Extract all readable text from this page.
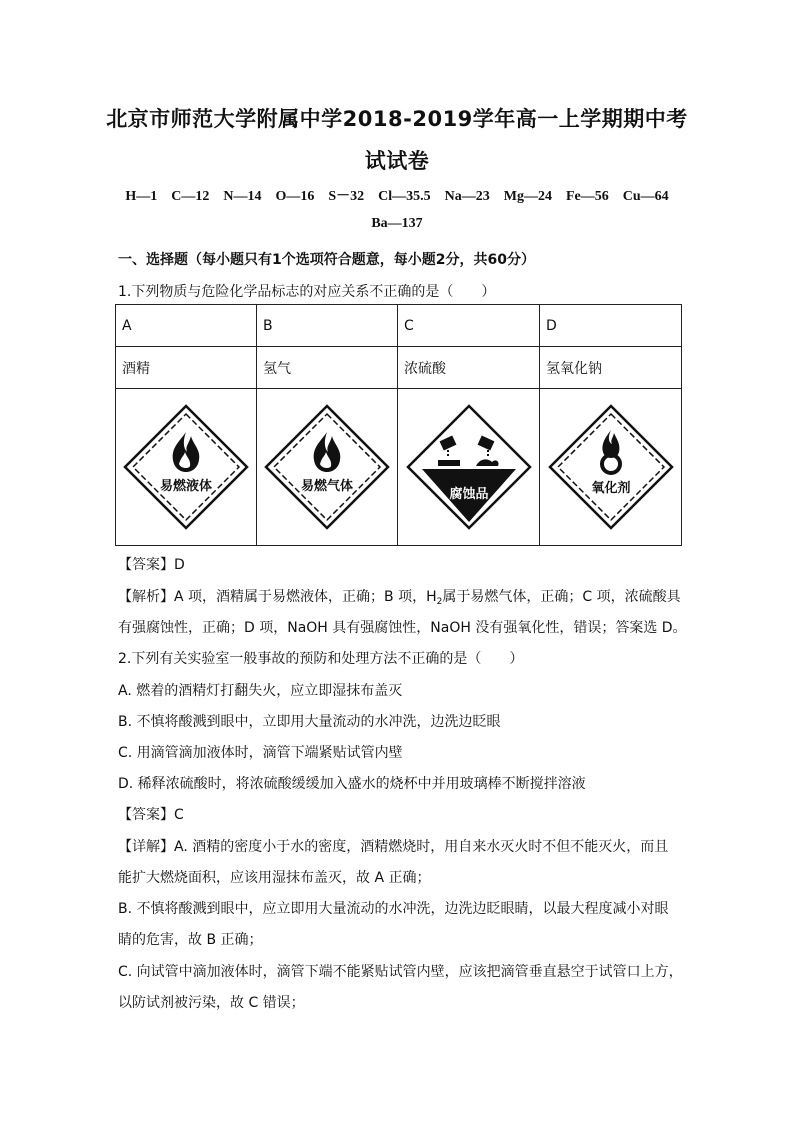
北京市师范大学附属中学2018-2019学年高一上学期期中考
试试卷
H—1　C—12　N—14　O—16　S－32　Cl—35.5　Na—23　Mg—24　Fe—56　Cu—64
Ba—137
一、选择题（每小题只有1个选项符合题意，每小题2分，共60分）
1.下列物质与危险化学品标志的对应关系不正确的是（　　）
A	B	C	D
酒精	氢气	浓硫酸	氢氧化钠

易燃液体	易燃气体	腐蚀品	氧化剂
【答案】D
【解析】A 项，酒精属于易燃液体，正确；B 项，$H_2$属于易燃气体，正确；C 项，浓硫酸具
有强腐蚀性，正确；D 项，NaOH 具有强腐蚀性，NaOH 没有强氧化性，错误；答案选 D。
2.下列有关实验室一般事故的预防和处理方法不正确的是（　　）
A. 燃着的酒精灯打翻失火，应立即湿抹布盖灭
B. 不慎将酸溅到眼中，立即用大量流动的水冲洗，边洗边眨眼
C. 用滴管滴加液体时，滴管下端紧贴试管内壁
D. 稀释浓硫酸时，将浓硫酸缓缓加入盛水的烧杯中并用玻璃棒不断搅拌溶液
【答案】C
【详解】A. 酒精的密度小于水的密度，酒精燃烧时，用自来水灭火时不但不能灭火，而且
能扩大燃烧面积，应该用湿抹布盖灭，故 A 正确；
B. 不慎将酸溅到眼中，应立即用大量流动的水冲洗，边洗边眨眼睛，以最大程度减小对眼
睛的危害，故 B 正确；
C. 向试管中滴加液体时，滴管下端不能紧贴试管内壁，应该把滴管垂直悬空于试管口上方，
以防试剂被污染，故 C 错误；
